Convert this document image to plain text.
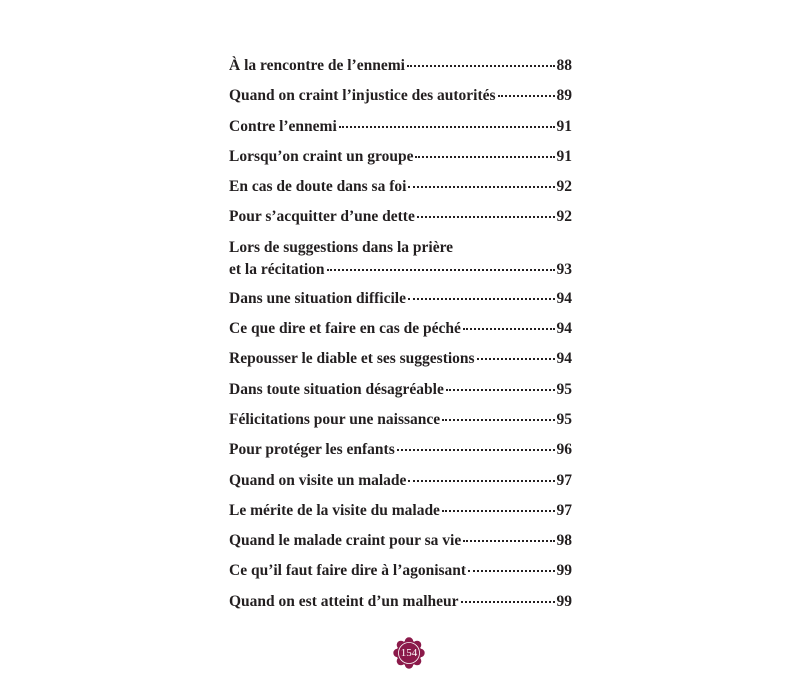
À la rencontre de l’ennemi	88
Quand on craint l’injustice des autorités	89
Contre l’ennemi	91
Lorsqu’on craint un groupe	91
En cas de doute dans sa foi	92
Pour s’acquitter d’une dette	92
Lors de suggestions dans la prière
et la récitation	93
Dans une situation difficile	94
Ce que dire et faire en cas de péché	94
Repousser le diable et ses suggestions	94
Dans toute situation désagréable	95
Félicitations pour une naissance	95
Pour protéger les enfants	96
Quand on visite un malade	97
Le mérite de la visite du malade	97
Quand le malade craint pour sa vie	98
Ce qu’il faut faire dire à l’agonisant	99
Quand on est atteint d’un malheur	99
154
